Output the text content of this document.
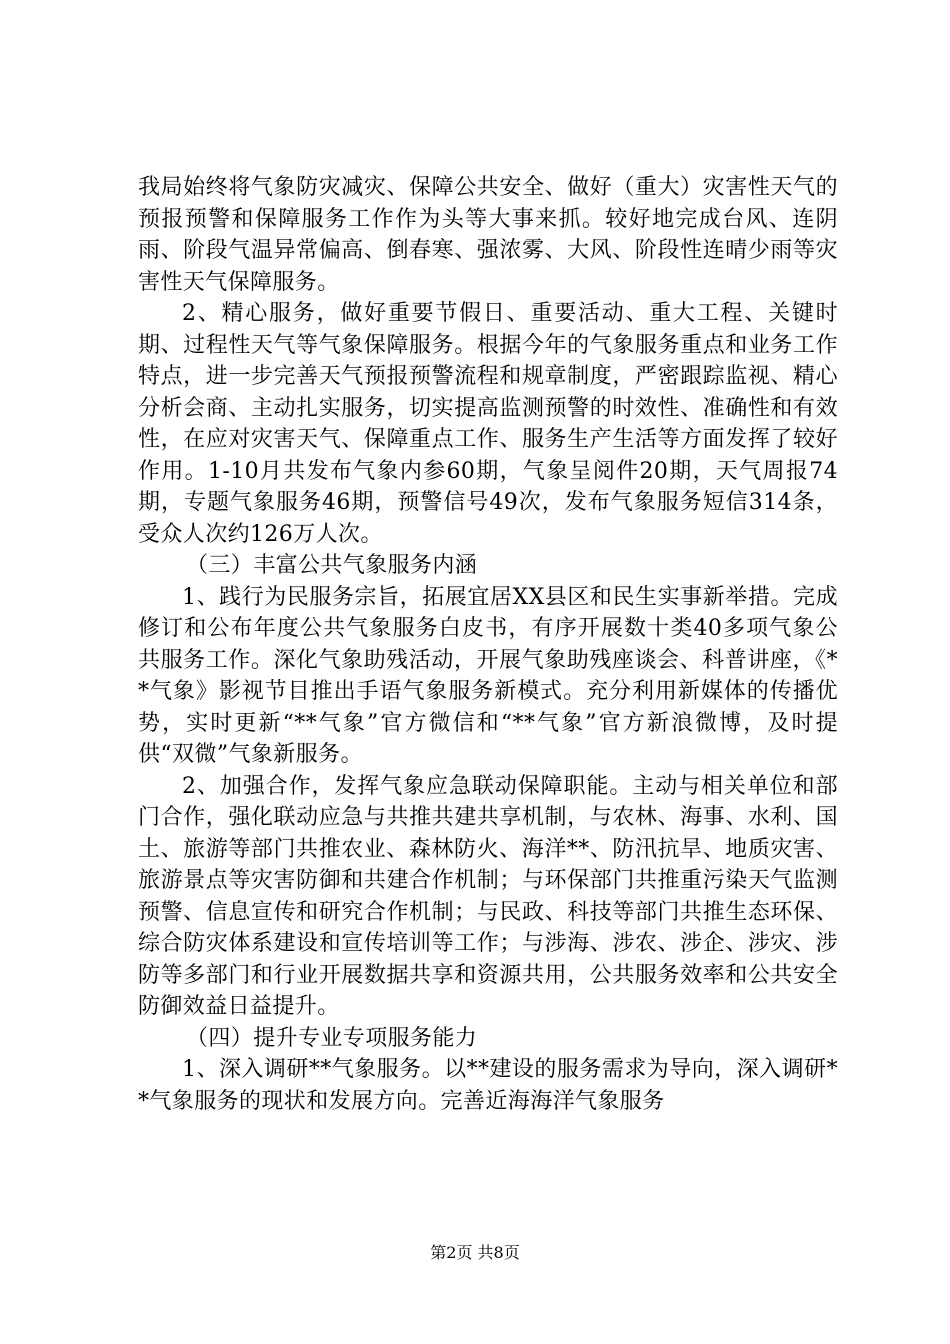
我局始终将气象防灾减灾、保障公共安全、做好（重大）灾害性天气的预报预警和保障服务工作作为头等大事来抓。较好地完成台风、连阴雨、阶段气温异常偏高、倒春寒、强浓雾、大风、阶段性连晴少雨等灾害性天气保障服务。

2、精心服务，做好重要节假日、重要活动、重大工程、关键时期、过程性天气等气象保障服务。根据今年的气象服务重点和业务工作特点，进一步完善天气预报预警流程和规章制度，严密跟踪监视、精心分析会商、主动扎实服务，切实提高监测预警的时效性、准确性和有效性，在应对灾害天气、保障重点工作、服务生产生活等方面发挥了较好作用。1-10月共发布气象内参60期，气象呈阅件20期，天气周报74期，专题气象服务46期，预警信号49次，发布气象服务短信314条，受众人次约126万人次。

（三）丰富公共气象服务内涵

1、践行为民服务宗旨，拓展宜居XX县区和民生实事新举措。完成修订和公布年度公共气象服务白皮书，有序开展数十类40多项气象公共服务工作。深化气象助残活动，开展气象助残座谈会、科普讲座，《**气象》影视节目推出手语气象服务新模式。充分利用新媒体的传播优势，实时更新“**气象”官方微信和“**气象”官方新浪微博，及时提供“双微”气象新服务。

2、加强合作，发挥气象应急联动保障职能。主动与相关单位和部门合作，强化联动应急与共推共建共享机制，与农林、海事、水利、国土、旅游等部门共推农业、森林防火、海洋**、防汛抗旱、地质灾害、旅游景点等灾害防御和共建合作机制；与环保部门共推重污染天气监测预警、信息宣传和研究合作机制；与民政、科技等部门共推生态环保、综合防灾体系建设和宣传培训等工作；与涉海、涉农、涉企、涉灾、涉防等多部门和行业开展数据共享和资源共用，公共服务效率和公共安全防御效益日益提升。

（四）提升专业专项服务能力

1、深入调研**气象服务。以**建设的服务需求为导向，深入调研**气象服务的现状和发展方向。完善近海海洋气象服务

第2页 共8页
